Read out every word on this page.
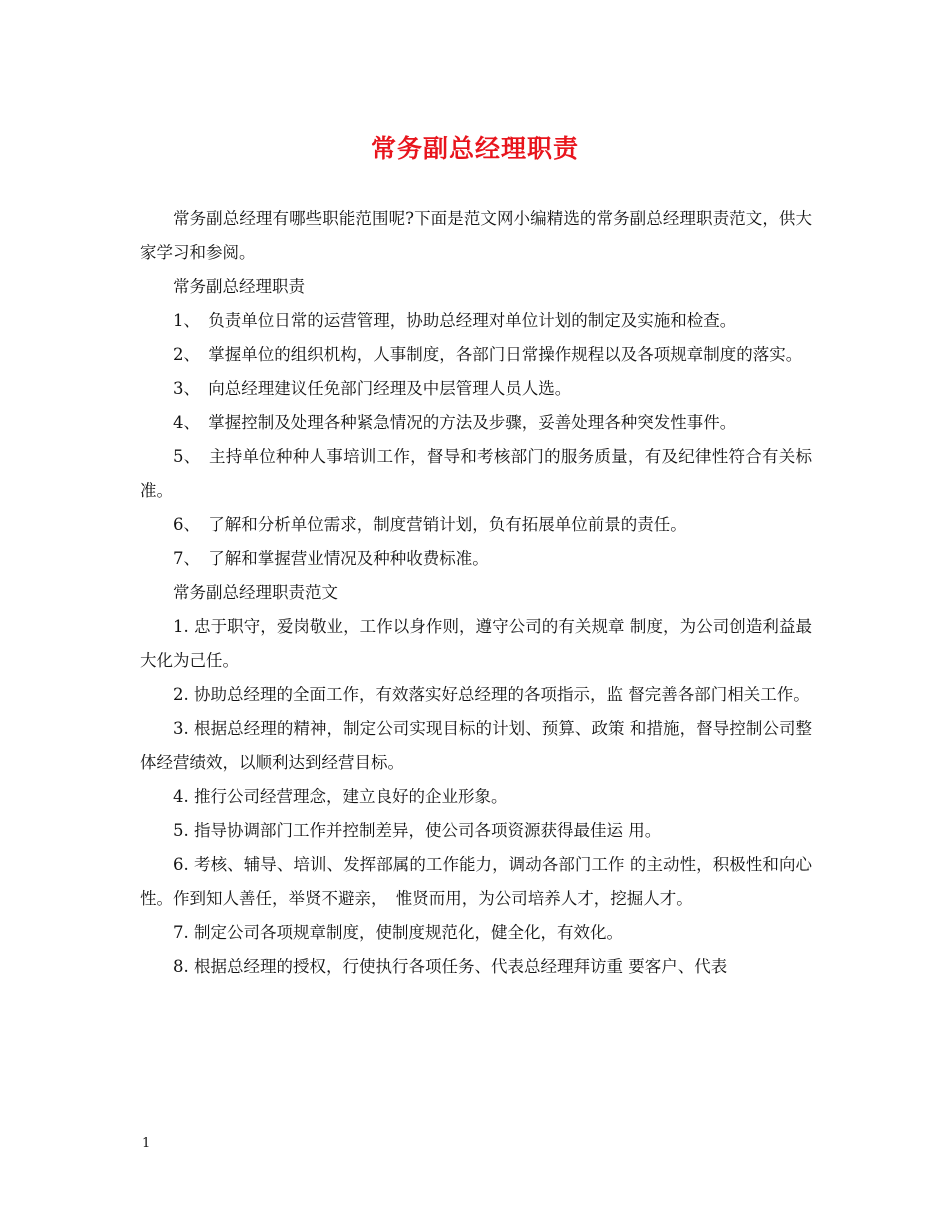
常务副总经理职责

常务副总经理有哪些职能范围呢?下面是范文网小编精选的常务副总经理职责范文，供大家学习和参阅。

常务副总经理职责

1、　负责单位日常的运营管理，协助总经理对单位计划的制定及实施和检查。

2、　掌握单位的组织机构，人事制度，各部门日常操作规程以及各项规章制度的落实。

3、　向总经理建议任免部门经理及中层管理人员人选。

4、　掌握控制及处理各种紧急情况的方法及步骤，妥善处理各种突发性事件。

5、　主持单位种种人事培训工作，督导和考核部门的服务质量，有及纪律性符合有关标准。

6、　了解和分析单位需求，制度营销计划，负有拓展单位前景的责任。

7、　了解和掌握营业情况及种种收费标准。

常务副总经理职责范文

1. 忠于职守，爱岗敬业，工作以身作则，遵守公司的有关规章 制度，为公司创造利益最大化为己任。

2. 协助总经理的全面工作，有效落实好总经理的各项指示，监 督完善各部门相关工作。

3. 根据总经理的精神，制定公司实现目标的计划、预算、政策 和措施，督导控制公司整体经营绩效，以顺利达到经营目标。

4. 推行公司经营理念，建立良好的企业形象。

5. 指导协调部门工作并控制差异，使公司各项资源获得最佳运 用。

6. 考核、辅导、培训、发挥部属的工作能力，调动各部门工作 的主动性，积极性和向心性。作到知人善任，举贤不避亲，　惟贤而用，为公司培养人才，挖掘人才。

7. 制定公司各项规章制度，使制度规范化，健全化，有效化。

8. 根据总经理的授权，行使执行各项任务、代表总经理拜访重 要客户、代表

1
